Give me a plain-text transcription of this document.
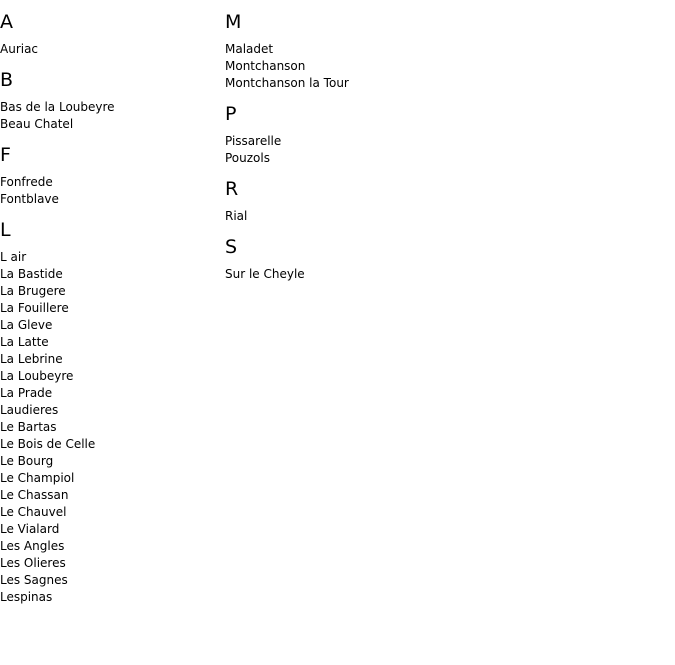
A
Auriac
B
Bas de la Loubeyre
Beau Chatel
F
Fonfrede
Fontblave
L
L air
La Bastide
La Brugere
La Fouillere
La Gleve
La Latte
La Lebrine
La Loubeyre
La Prade
Laudieres
Le Bartas
Le Bois de Celle
Le Bourg
Le Champiol
Le Chassan
Le Chauvel
Le Vialard
Les Angles
Les Olieres
Les Sagnes
Lespinas
M
Maladet
Montchanson
Montchanson la Tour
P
Pissarelle
Pouzols
R
Rial
S
Sur le Cheyle
